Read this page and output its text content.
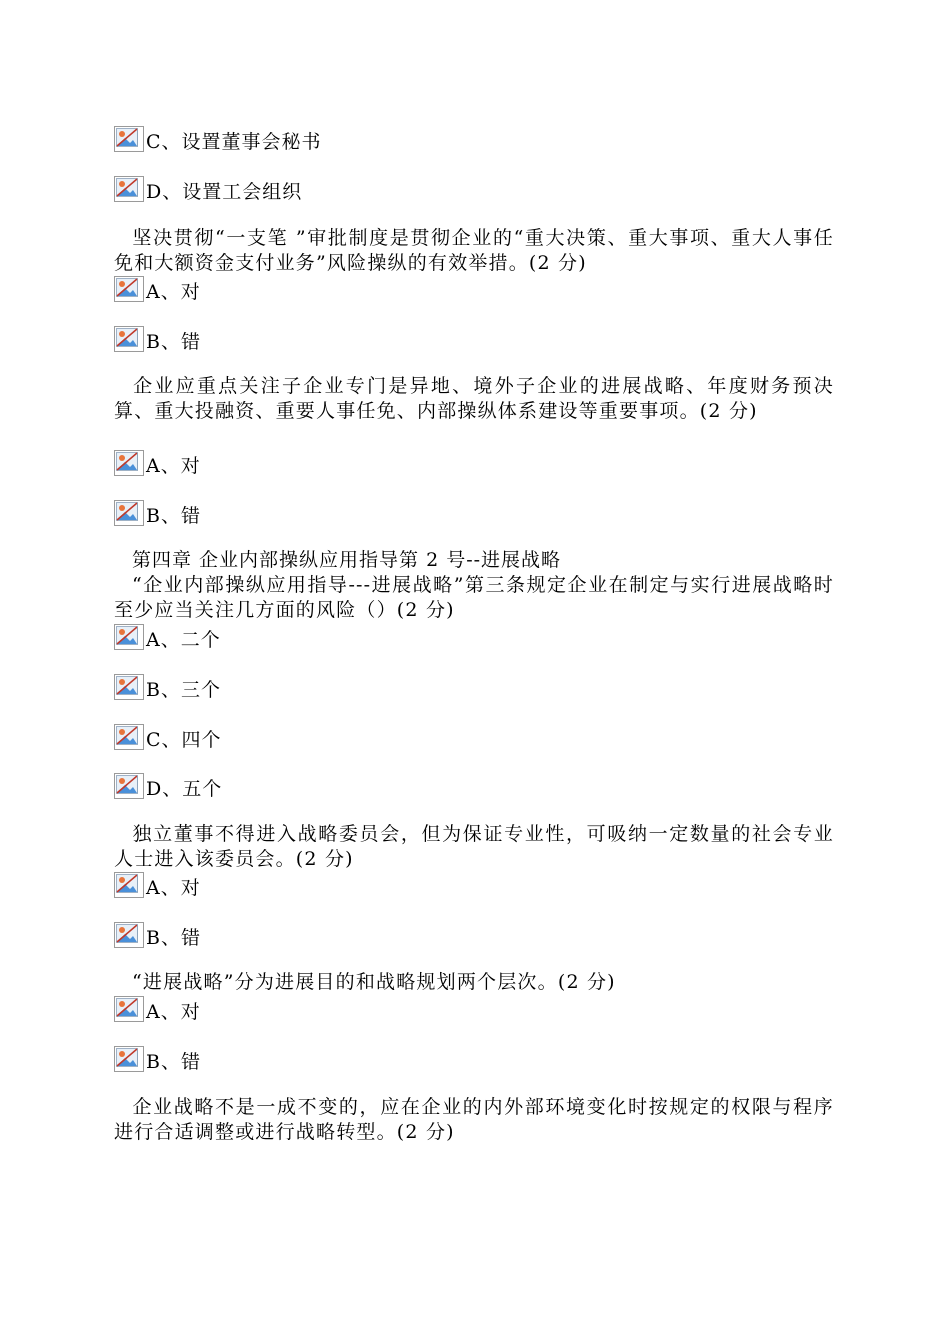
C、设置董事会秘书
D、设置工会组织

坚决贯彻“一支笔 ”审批制度是贯彻企业的“重大决策、重大事项、重大人事任免和大额资金支付业务”风险操纵的有效举措。(2 分)

A、对
B、错

企业应重点关注子企业专门是异地、境外子企业的进展战略、年度财务预决算、重大投融资、重要人事任免、内部操纵体系建设等重要事项。(2 分)

A、对
B、错

第四章 企业内部操纵应用指导第 2 号--进展战略

“企业内部操纵应用指导---进展战略”第三条规定企业在制定与实行进展战略时至少应当关注几方面的风险（）(2 分)

A、二个
B、三个
C、四个
D、五个

独立董事不得进入战略委员会，但为保证专业性，可吸纳一定数量的社会专业人士进入该委员会。(2 分)

A、对
B、错

“进展战略”分为进展目的和战略规划两个层次。(2 分)

A、对
B、错

企业战略不是一成不变的，应在企业的内外部环境变化时按规定的权限与程序进行合适调整或进行战略转型。(2 分)
